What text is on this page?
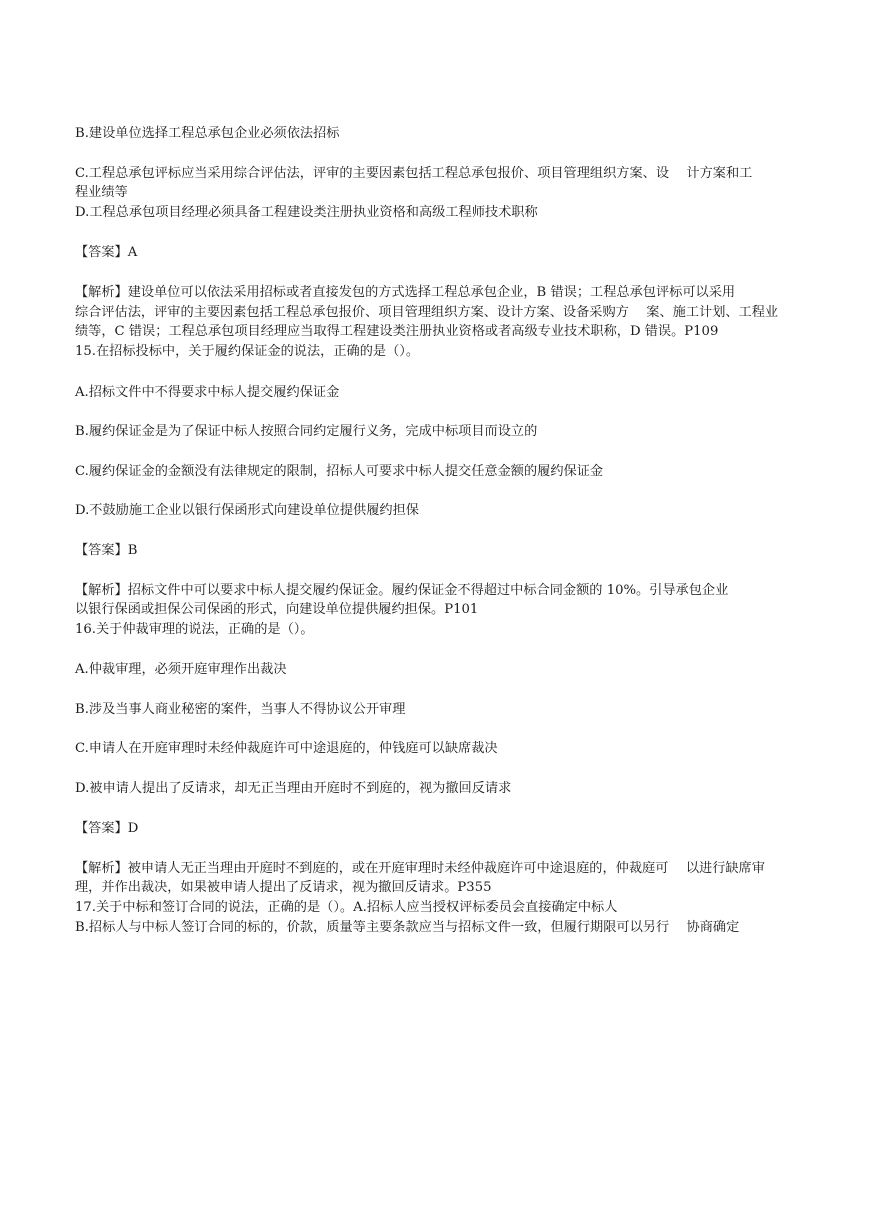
B.建设单位选择工程总承包企业必须依法招标
C.工程总承包评标应当采用综合评估法，评审的主要因素包括工程总承包报价、项目管理组织方案、设　 计方案和工
程业绩等
D.工程总承包项目经理必须具备工程建设类注册执业资格和高级工程师技术职称
【答案】A
【解析】建设单位可以依法采用招标或者直接发包的方式选择工程总承包企业，B 错误；工程总承包评标可以采用
综合评估法，评审的主要因素包括工程总承包报价、项目管理组织方案、设计方案、设备采购方　 案、施工计划、工程业
绩等，C 错误；工程总承包项目经理应当取得工程建设类注册执业资格或者高级专业技术职称，D 错误。P109
15.在招标投标中，关于履约保证金的说法，正确的是（）。
A.招标文件中不得要求中标人提交履约保证金
B.履约保证金是为了保证中标人按照合同约定履行义务，完成中标项目而设立的
C.履约保证金的金额没有法律规定的限制，招标人可要求中标人提交任意金额的履约保证金
D.不鼓励施工企业以银行保函形式向建设单位提供履约担保
【答案】B
【解析】招标文件中可以要求中标人提交履约保证金。履约保证金不得超过中标合同金额的 10%。引导承包企业
以银行保函或担保公司保函的形式，向建设单位提供履约担保。P101
16.关于仲裁审理的说法，正确的是（）。
A.仲裁审理，必须开庭审理作出裁决
B.涉及当事人商业秘密的案件，当事人不得协议公开审理
C.申请人在开庭审理时未经仲裁庭许可中途退庭的，仲钱庭可以缺席裁决
D.被申请人提出了反请求，却无正当理由开庭时不到庭的，视为撤回反请求
【答案】D
【解析】被申请人无正当理由开庭时不到庭的，或在开庭审理时未经仲裁庭许可中途退庭的，仲裁庭可　 以进行缺席审
理，并作出裁决，如果被申请人提出了反请求，视为撤回反请求。P355
17.关于中标和签订合同的说法，正确的是（）。A.招标人应当授权评标委员会直接确定中标人
B.招标人与中标人签订合同的标的，价款，质量等主要条款应当与招标文件一致，但履行期限可以另行　 协商确定
